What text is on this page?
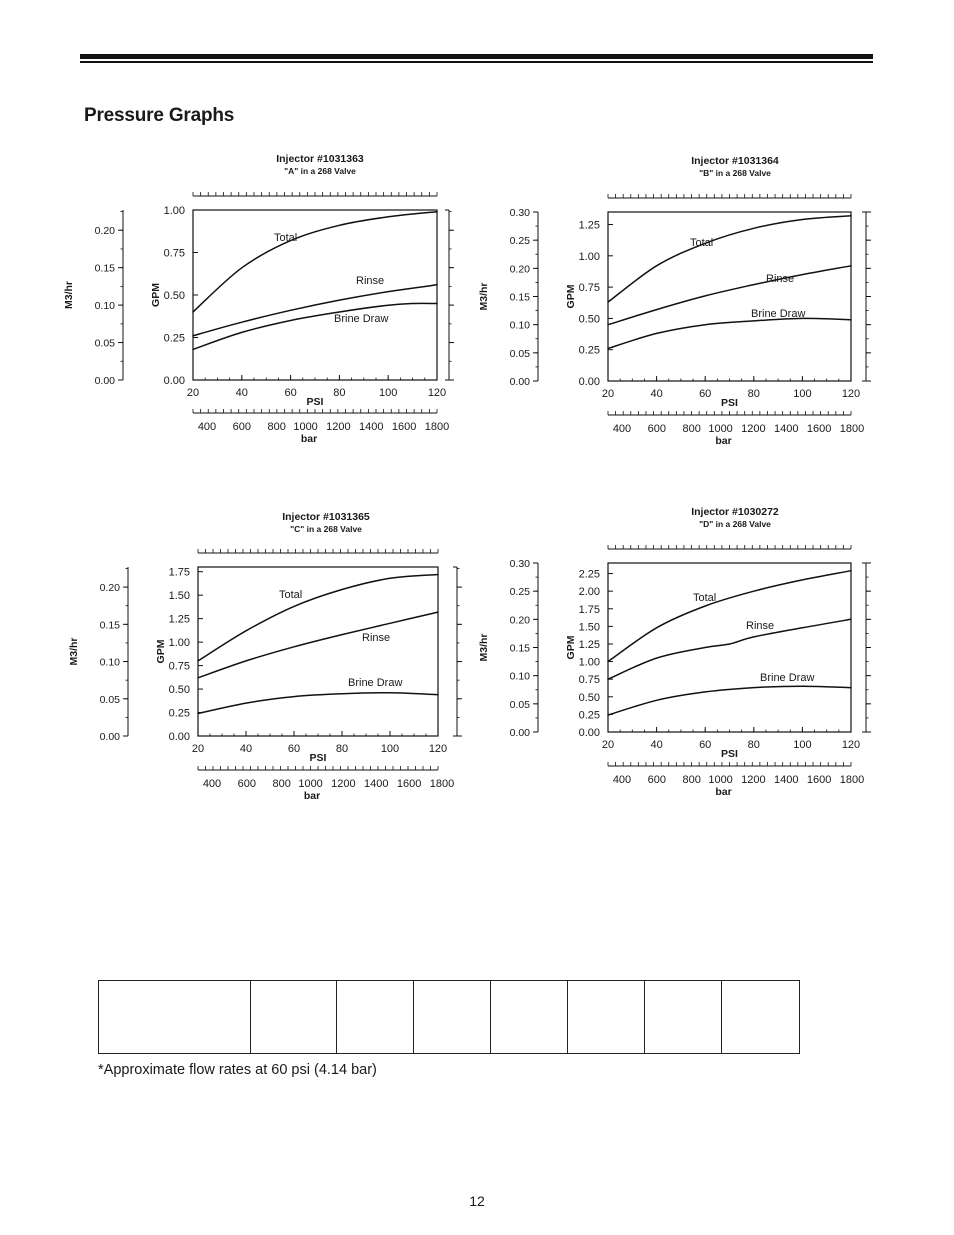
Pressure Graphs
Injector #1031363
"A" in a 268 Valve
20	40	60	80	100	120
PSI
0.00
0.25
0.50
0.75
1.00
GPM
0.00
0.05
0.10
0.15
0.20
M3/hr
400 600 800 1000 1200 1400 1600 1800
bar
Total
Rinse
Brine Draw
Injector #1031364
"B" in a 268 Valve
20	40	60	80	100	120
PSI
0.00
0.25
0.50
0.75
1.00
1.25
GPM
0.00
0.05
0.10
0.15
0.20
0.25
0.30
M3/hr
400 600 800 1000 1200 1400 1600 1800
bar
Total
Rinse
Brine Draw
Injector #1031365
"C" in a 268 Valve
20	40	60	80	100	120
PSI
0.00
0.25
0.50
0.75
1.00
1.25
1.50
1.75
GPM
0.00
0.05
0.10
0.15
0.20
M3/hr
400 600 800 1000 1200 1400 1600 1800
bar
Total
Rinse
Brine Draw
Injector #1030272
"D" in a 268 Valve
20	40	60	80	100	120
PSI
0.00
0.25
0.50
0.75
1.00
1.25
1.50
1.75
2.00
2.25
GPM
0.00
0.05
0.10
0.15
0.20
0.25
0.30
M3/hr
400 600 800 1000 1200 1400 1600 1800
bar
Total
Rinse
Brine Draw

*Approximate flow rates at 60 psi (4.14 bar)
12
